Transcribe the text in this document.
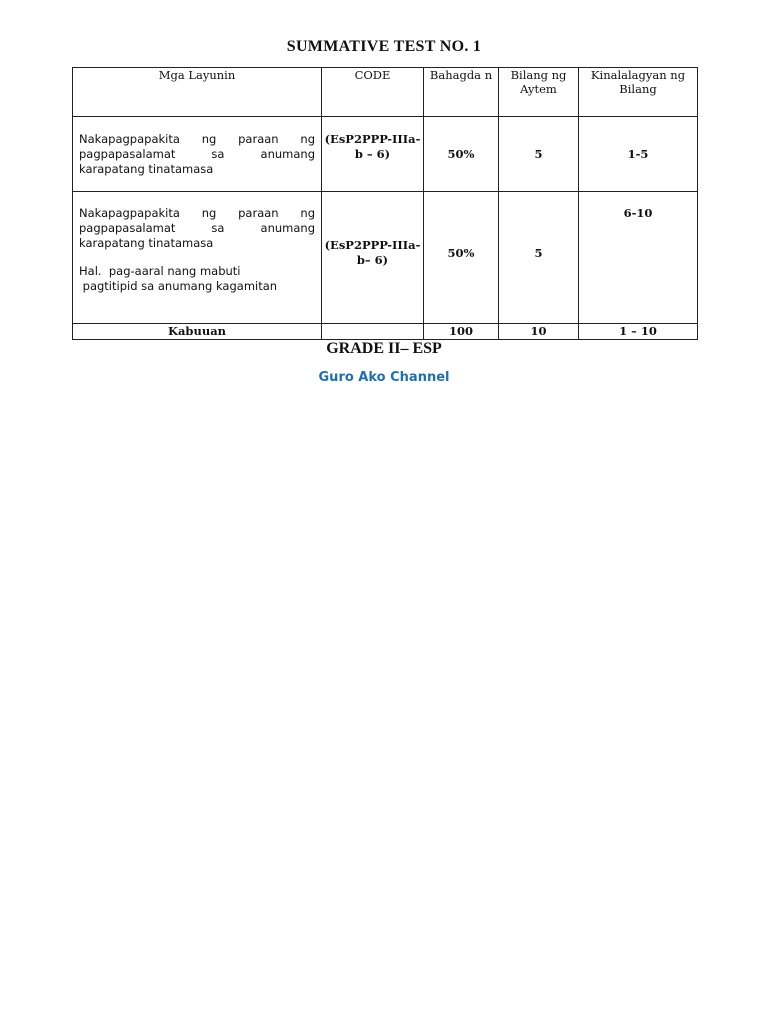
SUMMATIVE TEST NO. 1
Mga Layunin	CODE	Bahagda n	Bilang ng Aytem	Kinalalagyan ng Bilang

Nakapagpapakita ng paraan ng pagpapasalamat sa anumang karapatang tinatamasa	(EsP2PPP-IIIa-b – 6)	50%	5	1-5

Nakapagpapakita ng paraan ng pagpapasalamat sa anumang karapatang tinatamasa
Hal.  pag-aaral nang mabuti
pagtitipid sa anumang kagamitan	(EsP2PPP-IIIa-b– 6)	50%	5	6-10
Kabuuan		100	10	1 – 10
GRADE II– ESP
Guro Ako Channel
